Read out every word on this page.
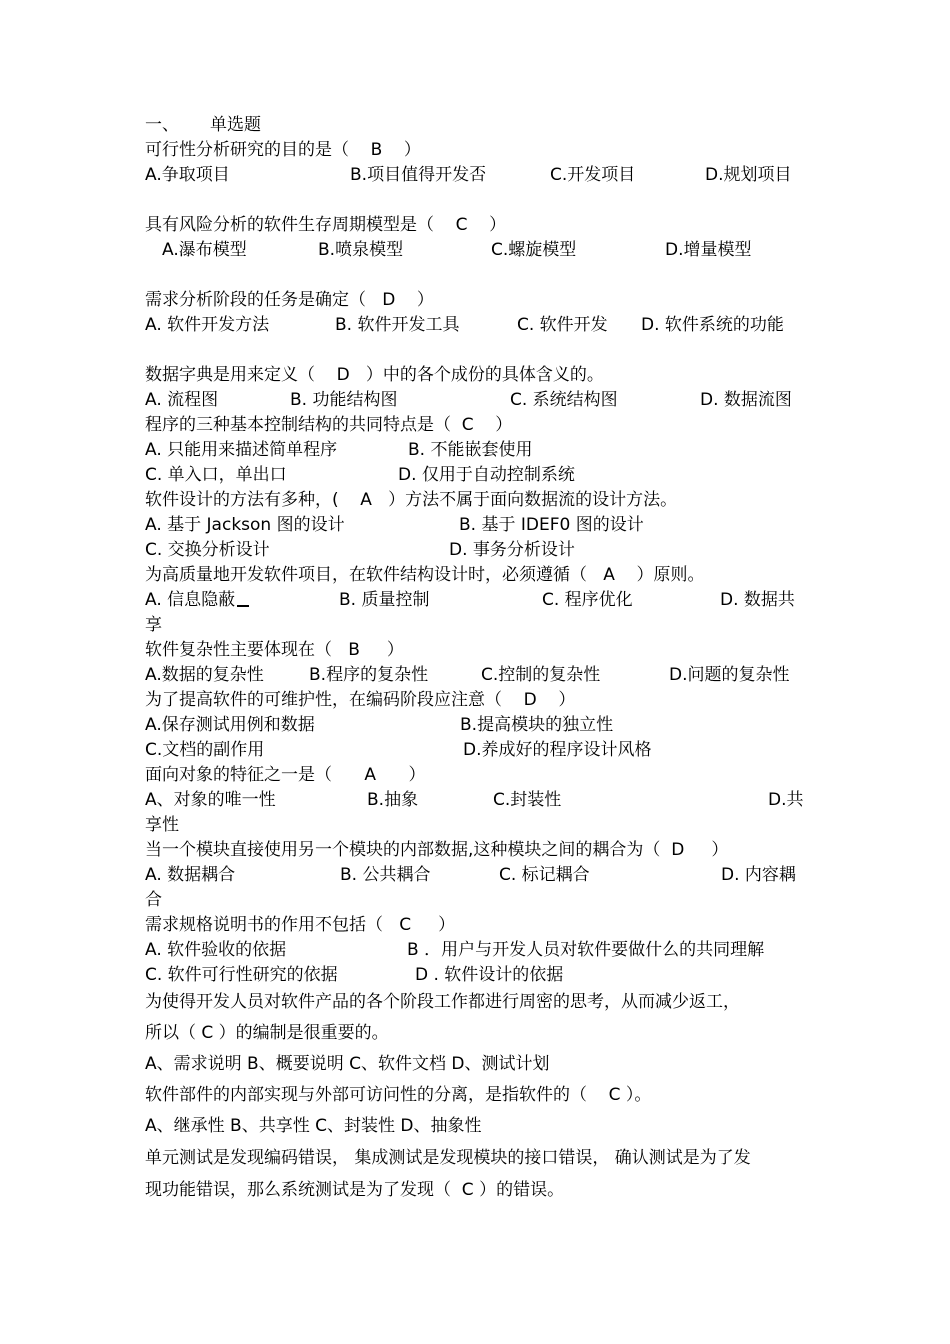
一、

单选题

可行性分析研究的目的是（    B    ）

A.争取项目

	B.项目值得开发否

	C.开发项目

	D.规划项目

具有风险分析的软件生存周期模型是（    C    ）

A.瀑布模型

	B.喷泉模型

	C.螺旋模型

	D.增量模型

需求分析阶段的任务是确定（   D    ）

A. 软件开发方法

	B. 软件开发工具

	C. 软件开发

D. 软件系统的功能

数据字典是用来定义（    D   ）中的各个成份的具体含义的。

A. 流程图

	B. 功能结构图

	C. 系统结构图

	D. 数据流图

程序的三种基本控制结构的共同特点是（  C    ）

A. 只能用来描述简单程序

	B. 不能嵌套使用

C. 单入口，单出口

	D. 仅用于自动控制系统

软件设计的方法有多种，(    A   ）方法不属于面向数据流的设计方法。

A. 基于 Jackson 图的设计

	B. 基于 IDEF0 图的设计

C. 交换分析设计

	D. 事务分析设计

为高质量地开发软件项目，在软件结构设计时，必须遵循（   A    ）原则。

A. 信息隐蔽

	B. 质量控制

	C. 程序优化

	D. 数据共

享
软件复杂性主要体现在（   B     ）

A.数据的复杂性

	B.程序的复杂性

	C.控制的复杂性

	D.问题的复杂性

为了提高软件的可维护性，在编码阶段应注意（    D    ）

A.保存测试用例和数据

	B.提高模块的独立性

C.文档的副作用

	D.养成好的程序设计风格

面向对象的特征之一是（      A      ）

A、对象的唯一性

	B.抽象

	C.封装性

	D.共

享性
当一个模块直接使用另一个模块的内部数据,这种模块之间的耦合为（  D     ）

A. 数据耦合

	B. 公共耦合

	C. 标记耦合

	D. 内容耦

合
需求规格说明书的作用不包括（   C     ）

A. 软件验收的依据

	B ．用户与开发人员对软件要做什么的共同理解

C. 软件可行性研究的依据

	D . 软件设计的依据

为使得开发人员对软件产品的各个阶段工作都进行周密的思考，从而减少返工，
所以（ C ）的编制是很重要的。
A、需求说明 B、概要说明 C、软件文档 D、测试计划
软件部件的内部实现与外部可访问性的分离，是指软件的（    C ）。
A、继承性 B、共享性 C、封装性 D、抽象性
单元测试是发现编码错误， 集成测试是发现模块的接口错误， 确认测试是为了发
现功能错误，那么系统测试是为了发现（  C ）的错误。
